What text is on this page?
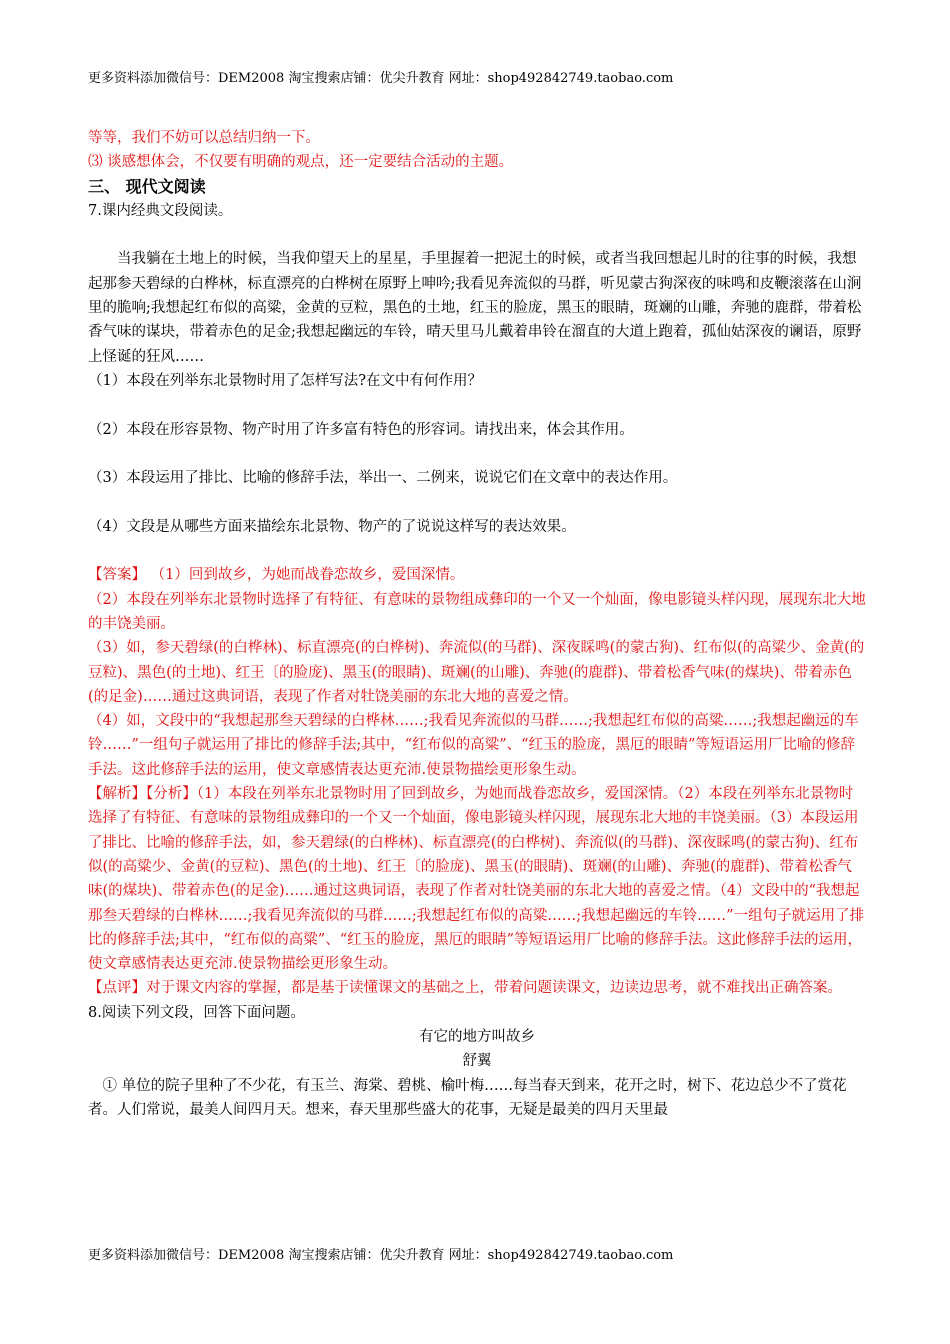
更多资料添加微信号：DEM2008 淘宝搜索店铺：优尖升教育 网址：shop492842749.taobao.com
等等，我们不妨可以总结归纳一下。
⑶ 谈感想体会，不仅要有明确的观点，还一定要结合活动的主题。
三、 现代文阅读
7.课内经典文段阅读。

当我躺在土地上的时候，当我仰望天上的星星，手里握着一把泥土的时候，或者当我回想起儿时的往事的时候，我想起那参天碧绿的白桦林，标直漂亮的白桦树在原野上呻吟;我看见奔流似的马群，听见蒙古狗深夜的味鸣和皮鞭滚落在山涧里的脆响;我想起红布似的高粱，金黄的豆粒，黑色的土地，红玉的脸庞，黑玉的眼睛，斑斓的山雕，奔驰的鹿群，带着松香气味的谋块，带着赤色的足金;我想起幽远的车铃，晴天里马儿戴着串铃在溜直的大道上跑着，孤仙姑深夜的谰语，原野上怪诞的狂风……

（1）本段在列举东北景物时用了怎样写法?在文中有何作用？
（2）本段在形容景物、物产时用了许多富有特色的形容词。请找出来，体会其作用。
（3）本段运用了排比、比喻的修辞手法，举出一、二例来，说说它们在文章中的表达作用。
（4）文段是从哪些方面来描绘东北景物、物产的了说说这样写的表达效果。
【答案】 （1）回到故乡，为她而战眷恋故乡，爱国深情。
（2）本段在列举东北景物时选择了有特征、有意味的景物组成彝印的一个又一个灿面，像电影镜头样闪现，展现东北大地的丰饶美丽。
（3）如，参天碧绿(的白桦林)、标直漂亮(的白桦树)、奔流似(的马群)、深夜睬鸣(的蒙古狗)、红布似(的高粱少、金黄(的豆粒)、黑色(的土地)、红王〔的脸庞)、黑玉(的眼睛)、斑斓(的山雕)、奔驰(的鹿群)、带着松香气味(的煤块)、带着赤色(的足金)……通过这典词语，表现了作者对牡饶美丽的东北大地的喜爱之情。
（4）如，文段中的“我想起那叁天碧绿的白桦林……;我看见奔流似的马群……;我想起红布似的高粱……;我想起幽远的车铃……”一组句子就运用了排比的修辞手法;其中，“红布似的高粱”、“红玉的脸庞，黑厄的眼睛”等短语运用厂比喻的修辞手法。这此修辞手法的运用，使文章感情表达更充沛.使景物描绘更形象生动。
【解析】【分析】（1）本段在列举东北景物时用了回到故乡，为她而战眷恋故乡，爱国深情。（2）本段在列举东北景物时选择了有特征、有意味的景物组成彝印的一个又一个灿面，像电影镜头样闪现，展现东北大地的丰饶美丽。（3）本段运用了排比、比喻的修辞手法，如，参天碧绿(的白桦林)、标直漂亮(的白桦树)、奔流似(的马群)、深夜睬鸣(的蒙古狗)、红布似(的高粱少、金黄(的豆粒)、黑色(的土地)、红王〔的脸庞)、黑玉(的眼睛)、斑斓(的山雕)、奔驰(的鹿群)、带着松香气味(的煤块)、带着赤色(的足金)……通过这典词语，表现了作者对牡饶美丽的东北大地的喜爱之情。（4）文段中的“我想起那叁天碧绿的白桦林……;我看见奔流似的马群……;我想起红布似的高粱……;我想起幽远的车铃……”一组句子就运用了排比的修辞手法;其中，“红布似的高粱”、“红玉的脸庞，黑厄的眼睛”等短语运用厂比喻的修辞手法。这此修辞手法的运用，使文章感情表达更充沛.使景物描绘更形象生动。
【点评】对于课文内容的掌握，都是基于读懂课文的基础之上，带着问题读课文，边读边思考，就不难找出正确答案。
8.阅读下列文段，回答下面问题。
有它的地方叫故乡
舒翼

① 单位的院子里种了不少花，有玉兰、海棠、碧桃、榆叶梅……每当春天到来，花开之时，树下、花边总少不了赏花者。人们常说，最美人间四月天。想来，春天里那些盛大的花事，无疑是最美的四月天里最

更多资料添加微信号：DEM2008 淘宝搜索店铺：优尖升教育 网址：shop492842749.taobao.com
